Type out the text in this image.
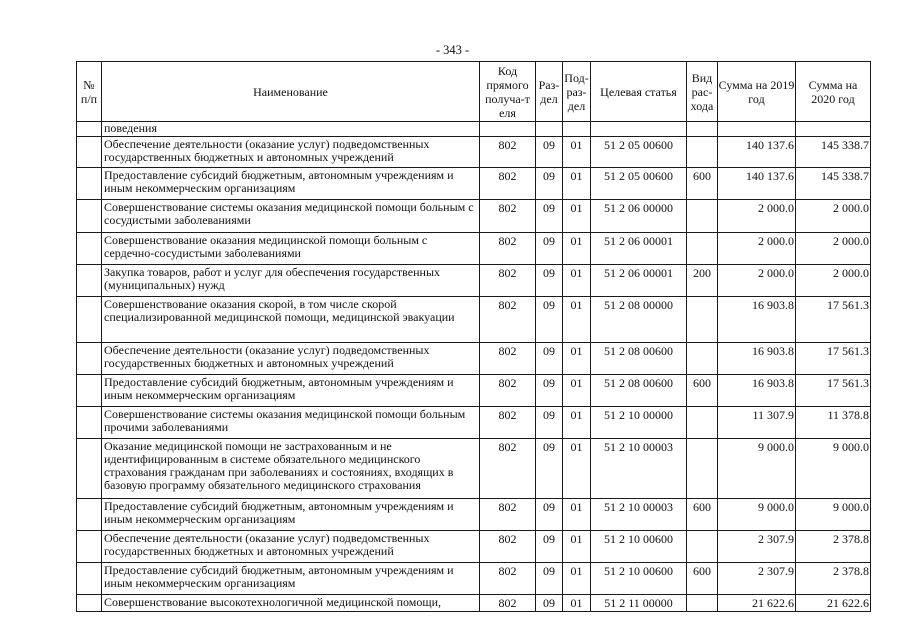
- 343 -
№ п/п	Наименование	Код прямого получа-т еля	Раз-дел	Под-раз-дел	Целевая статья	Вид рас-хода	Сумма на 2019 год	Сумма на 2020 год
	поведения							
	Обеспечение деятельности (оказание услуг) подведомственных государственных бюджетных и автономных учреждений	802	09	01	51 2 05 00600		140 137.6	145 338.7
	Предоставление субсидий бюджетным, автономным учреждениям и иным некоммерческим организациям	802	09	01	51 2 05 00600	600	140 137.6	145 338.7
	Совершенствование системы оказания медицинской помощи больным с сосудистыми заболеваниями	802	09	01	51 2 06 00000		2 000.0	2 000.0
	Совершенствование оказания медицинской помощи больным с сердечно-сосудистыми заболеваниями	802	09	01	51 2 06 00001		2 000.0	2 000.0
	Закупка товаров, работ и услуг для обеспечения государственных (муниципальных) нужд	802	09	01	51 2 06 00001	200	2 000.0	2 000.0
	Совершенствование оказания скорой, в том числе скорой специализированной медицинской помощи, медицинской эвакуации	802	09	01	51 2 08 00000		16 903.8	17 561.3
	Обеспечение деятельности (оказание услуг) подведомственных государственных бюджетных и автономных учреждений	802	09	01	51 2 08 00600		16 903.8	17 561.3
	Предоставление субсидий бюджетным, автономным учреждениям и иным некоммерческим организациям	802	09	01	51 2 08 00600	600	16 903.8	17 561.3
	Совершенствование системы оказания медицинской помощи больным прочими заболеваниями	802	09	01	51 2 10 00000		11 307.9	11 378.8
	Оказание медицинской помощи не застрахованным и не идентифицированным в системе обязательного медицинского страхования гражданам при заболеваниях и состояниях, входящих в базовую программу обязательного медицинского страхования	802	09	01	51 2 10 00003		9 000.0	9 000.0
	Предоставление субсидий бюджетным, автономным учреждениям и иным некоммерческим организациям	802	09	01	51 2 10 00003	600	9 000.0	9 000.0
	Обеспечение деятельности (оказание услуг) подведомственных государственных бюджетных и автономных учреждений	802	09	01	51 2 10 00600		2 307.9	2 378.8
	Предоставление субсидий бюджетным, автономным учреждениям и иным некоммерческим организациям	802	09	01	51 2 10 00600	600	2 307.9	2 378.8
	Совершенствование высокотехнологичной медицинской помощи,	802	09	01	51 2 11 00000		21 622.6	21 622.6
